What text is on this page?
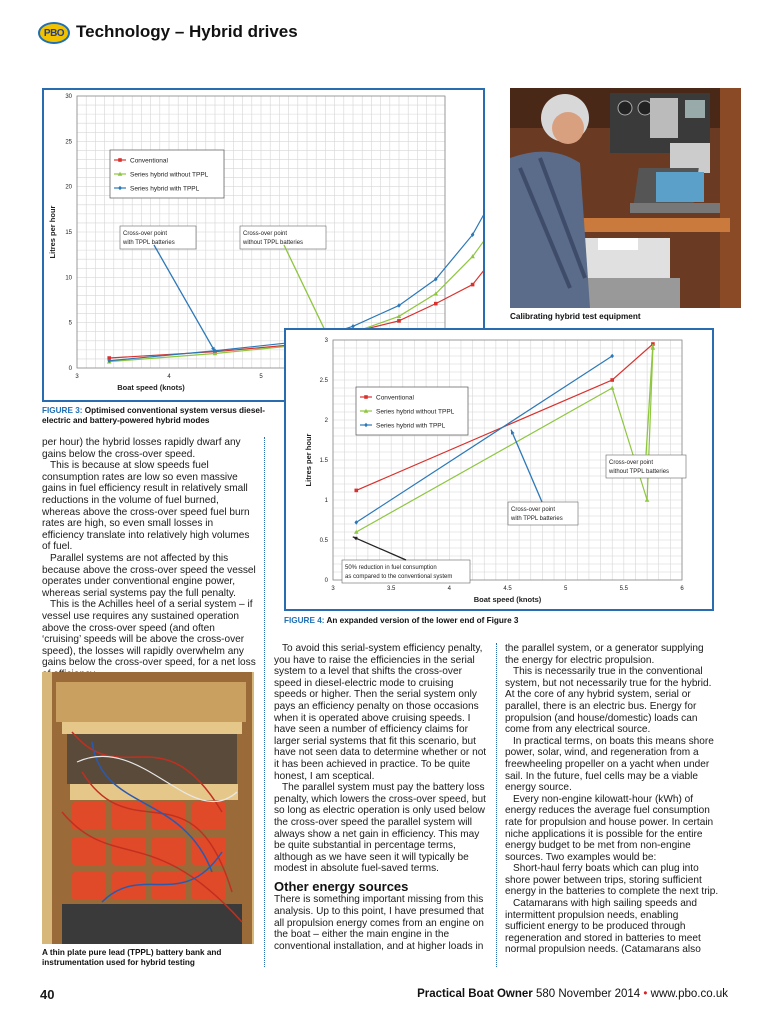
PBO Technology – Hybrid drives
3	4	5
0
5
10
15
20
25
30
Boat speed (knots)
Litres per hour
Conventional
Series hybrid without TPPL
Series hybrid with TPPL
Cross-over point
with TPPL batteries
Cross-over point
without TPPL batteries
FIGURE 3: Optimised conventional system versus diesel-electric and battery-powered hybrid modes
Calibrating hybrid test equipment
3	3.5	4	4.5	5	5.5	6
0
0.5
1
1.5
2
2.5
3
Boat speed (knots)
Litres per hour
Conventional
Series hybrid without TPPL
Series hybrid with TPPL
Cross-over point
without TPPL batteries
Cross-over point
with TPPL batteries
50% reduction in fuel consumption
as compared to the conventional system
FIGURE 4: An expanded version of the lower end of Figure 3

per hour) the hybrid losses rapidly dwarf any gains below the cross-over speed.

This is because at slow speeds fuel consumption rates are low so even massive gains in fuel efficiency result in relatively small reductions in the volume of fuel burned, whereas above the cross-over speed fuel burn rates are high, so even small losses in efficiency translate into relatively high volumes of fuel.

Parallel systems are not affected by this because above the cross-over speed the vessel operates under conventional engine power, whereas serial systems pay the full penalty.

This is the Achilles heel of a serial system – if vessel use requires any sustained operation above the cross-over speed (and often ‘cruising’ speeds will be above the cross-over speed), the losses will rapidly overwhelm any gains below the cross-over speed, for a net loss

A thin plate pure lead (TPPL) battery bank and instrumentation used for hybrid testing

To avoid this serial-system efficiency penalty, you have to raise the efficiencies in the serial system to a level that shifts the cross-over speed in diesel-electric mode to cruising speeds or higher. Then the serial system only pays an efficiency penalty on those occasions when it is operated above cruising speeds. I have seen a number of efficiency claims for larger serial systems that fit this scenario, but have not seen data to determine whether or not it has been achieved in practice. To be quite honest, I am sceptical.

The parallel system must pay the battery loss penalty, which lowers the cross-over speed, but so long as electric operation is only used below the cross-over speed the parallel system will always show a net gain in efficiency. This may be quite substantial in percentage terms, although as we have seen it will typically be modest in absolute fuel-saved terms.

Other energy sources

There is something important missing from this analysis. Up to this point, I have presumed that all propulsion energy comes from an engine on the boat – either the main engine in the conventional installation, and at higher loads in

the parallel system, or a generator supplying the energy for electric propulsion.

This is necessarily true in the conventional system, but not necessarily true for the hybrid. At the core of any hybrid system, serial or parallel, there is an electric bus. Energy for propulsion (and house/domestic) loads can come from any electrical source.

In practical terms, on boats this means shore power, solar, wind, and regeneration from a freewheeling propeller on a yacht when under sail. In the future, fuel cells may be a viable energy source.

Every non-engine kilowatt-hour (kWh) of energy reduces the average fuel consumption rate for propulsion and house power. In certain niche applications it is possible for the entire energy budget to be met from non-engine sources. Two examples would be:

Short-haul ferry boats which can plug into shore power between trips, storing sufficient energy in the batteries to complete the next trip.

Catamarans with high sailing speeds and intermittent propulsion needs, enabling sufficient energy to be produced through regeneration and stored in batteries to meet normal propulsion needs. (Catamarans also

40	Practical Boat Owner 580 November 2014 • www.pbo.co.uk
